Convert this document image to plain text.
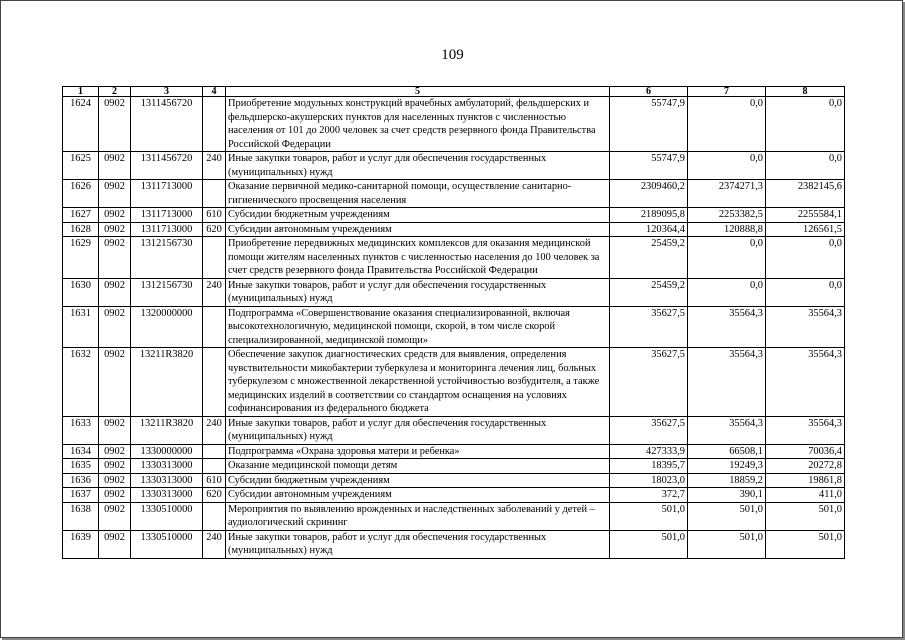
109
1	2	3	4	5	6	7	8
1624	0902	1311456720		Приобретение модульных конструкций врачебных амбулаторий, фельдшерских и фельдшерско-акушерских пунктов для населенных пунктов с численностью населения от 101 до 2000 человек за счет средств резервного фонда Правительства Российской Федерации	55747,9	0,0	0,0
1625	0902	1311456720	240	Иные закупки товаров, работ и услуг для обеспечения государственных (муниципальных) нужд	55747,9	0,0	0,0
1626	0902	1311713000		Оказание первичной медико-санитарной помощи, осуществление санитарно-гигиенического просвещения населения	2309460,2	2374271,3	2382145,6
1627	0902	1311713000	610	Субсидии бюджетным учреждениям	2189095,8	2253382,5	2255584,1
1628	0902	1311713000	620	Субсидии автономным учреждениям	120364,4	120888,8	126561,5
1629	0902	1312156730		Приобретение передвижных медицинских комплексов для оказания медицинской помощи жителям населенных пунктов с численностью населения до 100 человек за счет средств резервного фонда Правительства Российской Федерации	25459,2	0,0	0,0
1630	0902	1312156730	240	Иные закупки товаров, работ и услуг для обеспечения государственных (муниципальных) нужд	25459,2	0,0	0,0
1631	0902	1320000000		Подпрограмма «Совершенствование оказания специализированной, включая высокотехнологичную, медицинской помощи, скорой, в том числе скорой специализированной, медицинской помощи»	35627,5	35564,3	35564,3
1632	0902	13211R3820		Обеспечение закупок диагностических средств для выявления, определения чувствительности микобактерии туберкулеза и мониторинга лечения лиц, больных туберкулезом с множественной лекарственной устойчивостью возбудителя, а также медицинских изделий в соответствии со стандартом оснащения на условиях софинансирования из федерального бюджета	35627,5	35564,3	35564,3
1633	0902	13211R3820	240	Иные закупки товаров, работ и услуг для обеспечения государственных (муниципальных) нужд	35627,5	35564,3	35564,3
1634	0902	1330000000		Подпрограмма «Охрана здоровья матери и ребенка»	427333,9	66508,1	70036,4
1635	0902	1330313000		Оказание медицинской помощи детям	18395,7	19249,3	20272,8
1636	0902	1330313000	610	Субсидии бюджетным учреждениям	18023,0	18859,2	19861,8
1637	0902	1330313000	620	Субсидии автономным учреждениям	372,7	390,1	411,0
1638	0902	1330510000		Мероприятия по выявлению врожденных и наследственных заболеваний у детей – аудиологический скрининг	501,0	501,0	501,0
1639	0902	1330510000	240	Иные закупки товаров, работ и услуг для обеспечения государственных (муниципальных) нужд	501,0	501,0	501,0
